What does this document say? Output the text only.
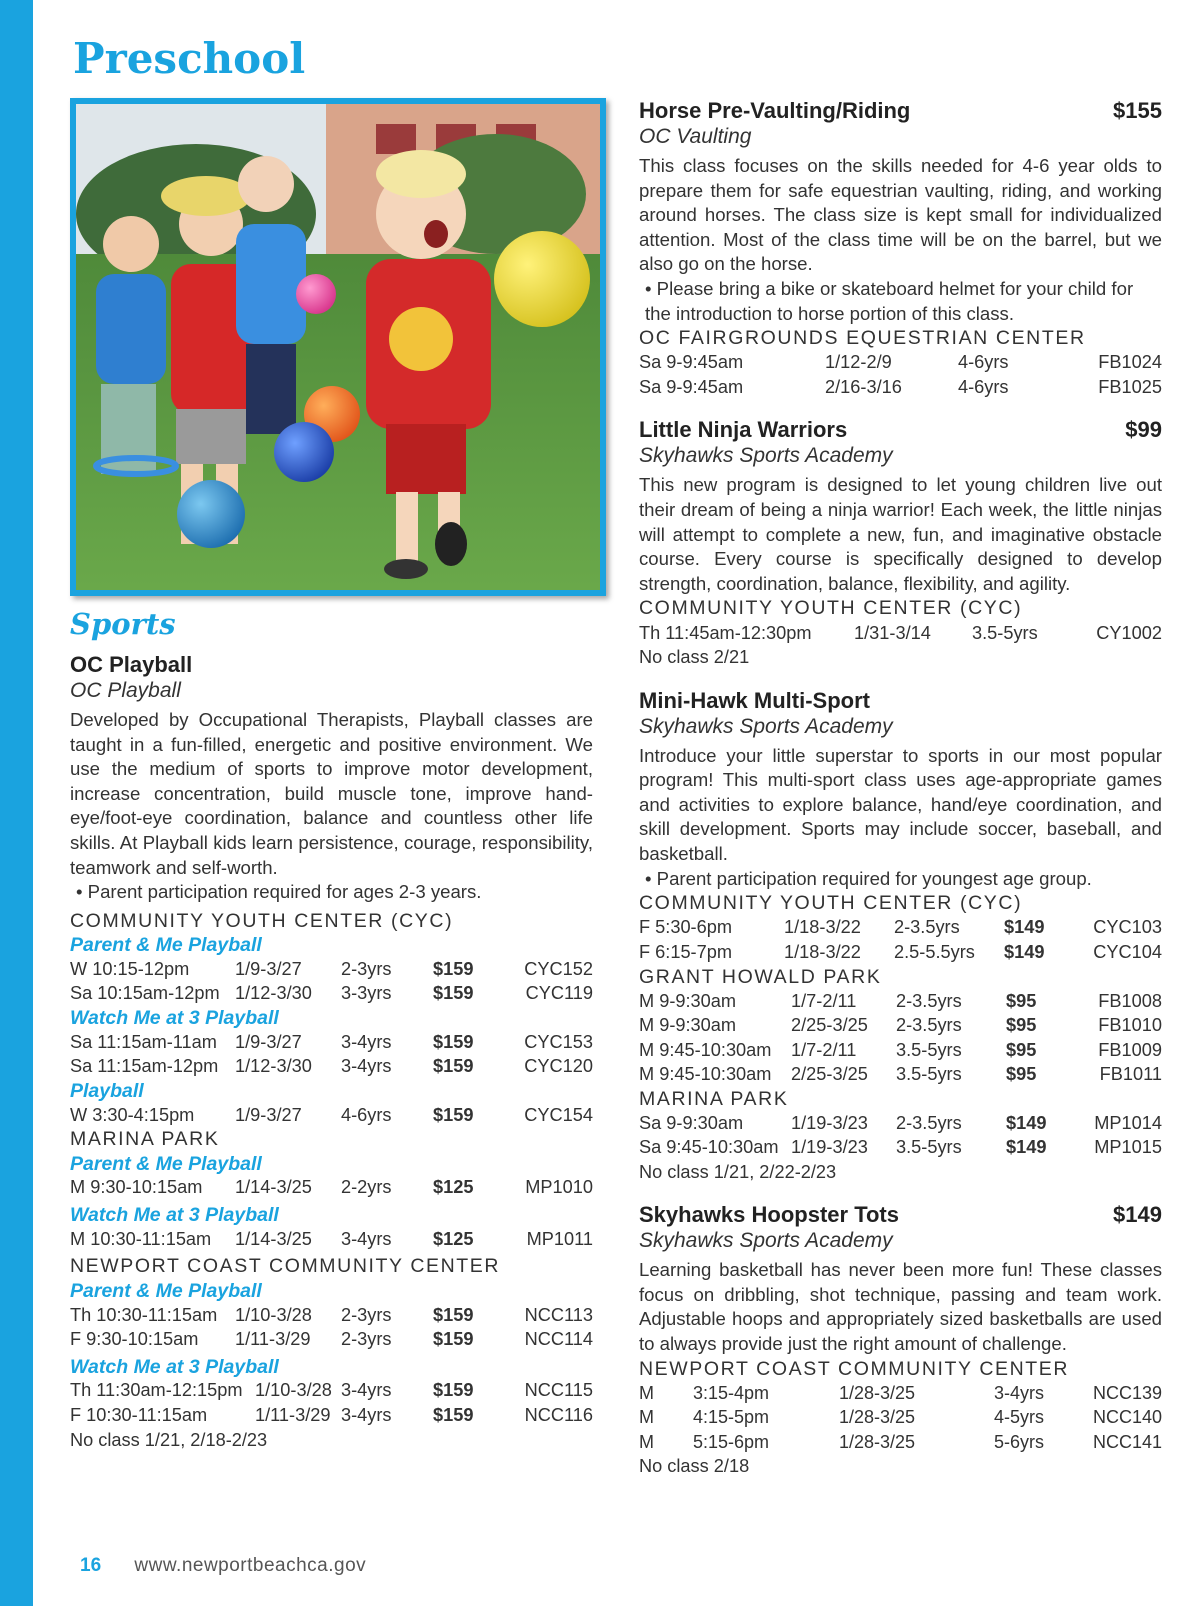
Preschool
Sports
OC Playball
OC Playball
Developed by Occupational Therapists, Playball classes are taught in a fun-filled, energetic and positive environment. We use the medium of sports to improve motor development, increase concentration, build muscle tone, improve hand-eye/foot-eye coordination, balance and countless other life skills. At Playball kids learn persistence, courage, responsibility, teamwork and self-worth.
• Parent participation required for ages 2-3 years.
COMMUNITY YOUTH CENTER (CYC)
Parent & Me Playball
W 10:15-12pm	1/9-3/27	2-3yrs	$159	CYC152
Sa 10:15am-12pm	1/12-3/30	3-3yrs	$159	CYC119
Watch Me at 3 Playball
Sa 11:15am-11am	1/9-3/27	3-4yrs	$159	CYC153
Sa 11:15am-12pm	1/12-3/30	3-4yrs	$159	CYC120
Playball
W 3:30-4:15pm	1/9-3/27	4-6yrs	$159	CYC154
MARINA PARK
Parent & Me Playball
M 9:30-10:15am	1/14-3/25	2-2yrs	$125	MP1010
Watch Me at 3 Playball
M 10:30-11:15am	1/14-3/25	3-4yrs	$125	MP1011
NEWPORT COAST COMMUNITY CENTER
Parent & Me Playball
Th 10:30-11:15am	1/10-3/28	2-3yrs	$159	NCC113
F 9:30-10:15am	1/11-3/29	2-3yrs	$159	NCC114
Watch Me at 3 Playball
Th 11:30am-12:15pm	1/10-3/28	3-4yrs	$159	NCC115
F 10:30-11:15am	1/11-3/29	3-4yrs	$159	NCC116
No class 1/21, 2/18-2/23
Horse Pre-Vaulting/Riding	$155
OC Vaulting
This class focuses on the skills needed for 4-6 year olds to prepare them for safe equestrian vaulting, riding, and working around horses. The class size is kept small for individualized attention. Most of the class time will be on the barrel, but we also go on the horse.
• Please bring a bike or skateboard helmet for your child for the introduction to horse portion of this class.
OC FAIRGROUNDS EQUESTRIAN CENTER
Sa 9-9:45am	1/12-2/9	4-6yrs	FB1024
Sa 9-9:45am	2/16-3/16	4-6yrs	FB1025
Little Ninja Warriors	$99
Skyhawks Sports Academy
This new program is designed to let young children live out their dream of being a ninja warrior! Each week, the little ninjas will attempt to complete a new, fun, and imaginative obstacle course. Every course is specifically designed to develop strength, coordination, balance, flexibility, and agility.
COMMUNITY YOUTH CENTER (CYC)
Th 11:45am-12:30pm	1/31-3/14	3.5-5yrs	CY1002
No class 2/21
Mini-Hawk Multi-Sport
Skyhawks Sports Academy
Introduce your little superstar to sports in our most popular program! This multi-sport class uses age-appropriate games and activities to explore balance, hand/eye coordination, and skill development. Sports may include soccer, baseball, and basketball.
• Parent participation required for youngest age group.
COMMUNITY YOUTH CENTER (CYC)
F 5:30-6pm	1/18-3/22	2-3.5yrs	$149	CYC103
F 6:15-7pm	1/18-3/22	2.5-5.5yrs	$149	CYC104
GRANT HOWALD PARK
M 9-9:30am	1/7-2/11	2-3.5yrs	$95	FB1008
M 9-9:30am	2/25-3/25	2-3.5yrs	$95	FB1010
M 9:45-10:30am	1/7-2/11	3.5-5yrs	$95	FB1009
M 9:45-10:30am	2/25-3/25	3.5-5yrs	$95	FB1011
MARINA PARK
Sa 9-9:30am	1/19-3/23	2-3.5yrs	$149	MP1014
Sa 9:45-10:30am	1/19-3/23	3.5-5yrs	$149	MP1015
No class 1/21, 2/22-2/23
Skyhawks Hoopster Tots	$149
Skyhawks Sports Academy
Learning basketball has never been more fun! These classes focus on dribbling, shot technique, passing and team work. Adjustable hoops and appropriately sized basketballs are used to always provide just the right amount of challenge.
NEWPORT COAST COMMUNITY CENTER
M	3:15-4pm	1/28-3/25	3-4yrs	NCC139
M	4:15-5pm	1/28-3/25	4-5yrs	NCC140
M	5:15-6pm	1/28-3/25	5-6yrs	NCC141
No class 2/18
16 www.newportbeachca.gov
